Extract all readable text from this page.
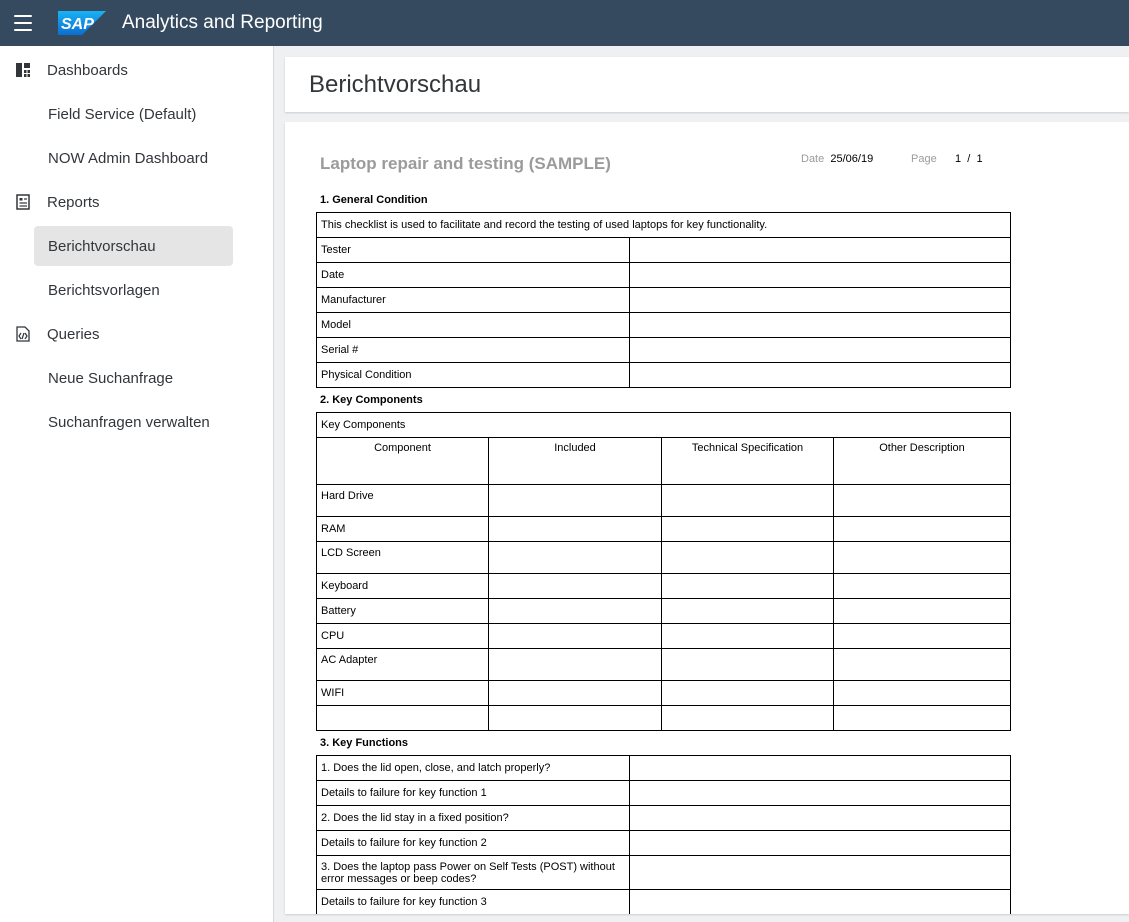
SAP Analytics and Reporting
Dashboards
Field Service (Default)
NOW Admin Dashboard
Reports
Berichtvorschau
Berichtsvorlagen
Queries
Neue Suchanfrage
Suchanfragen verwalten
Berichtvorschau
Laptop repair and testing (SAMPLE)	Date 25/06/19	Page 1  /  1
1. General Condition
This checklist is used to facilitate and record the testing of used laptops for key functionality.	
Tester	
Date	
Manufacturer	
Model	
Serial #	
Physical Condition	
2. Key Components
Key Components			
Component	Included	Technical Specification	Other Description
Hard Drive			
RAM			
LCD Screen			
Keyboard			
Battery			
CPU			
AC Adapter			
WIFI			

3. Key Functions
1. Does the lid open, close, and latch properly?	
Details to failure for key function 1	
2. Does the lid stay in a fixed position?	
Details to failure for key function 2	
3. Does the laptop pass Power on Self Tests (POST) without error messages or beep codes?	
Details to failure for key function 3	
